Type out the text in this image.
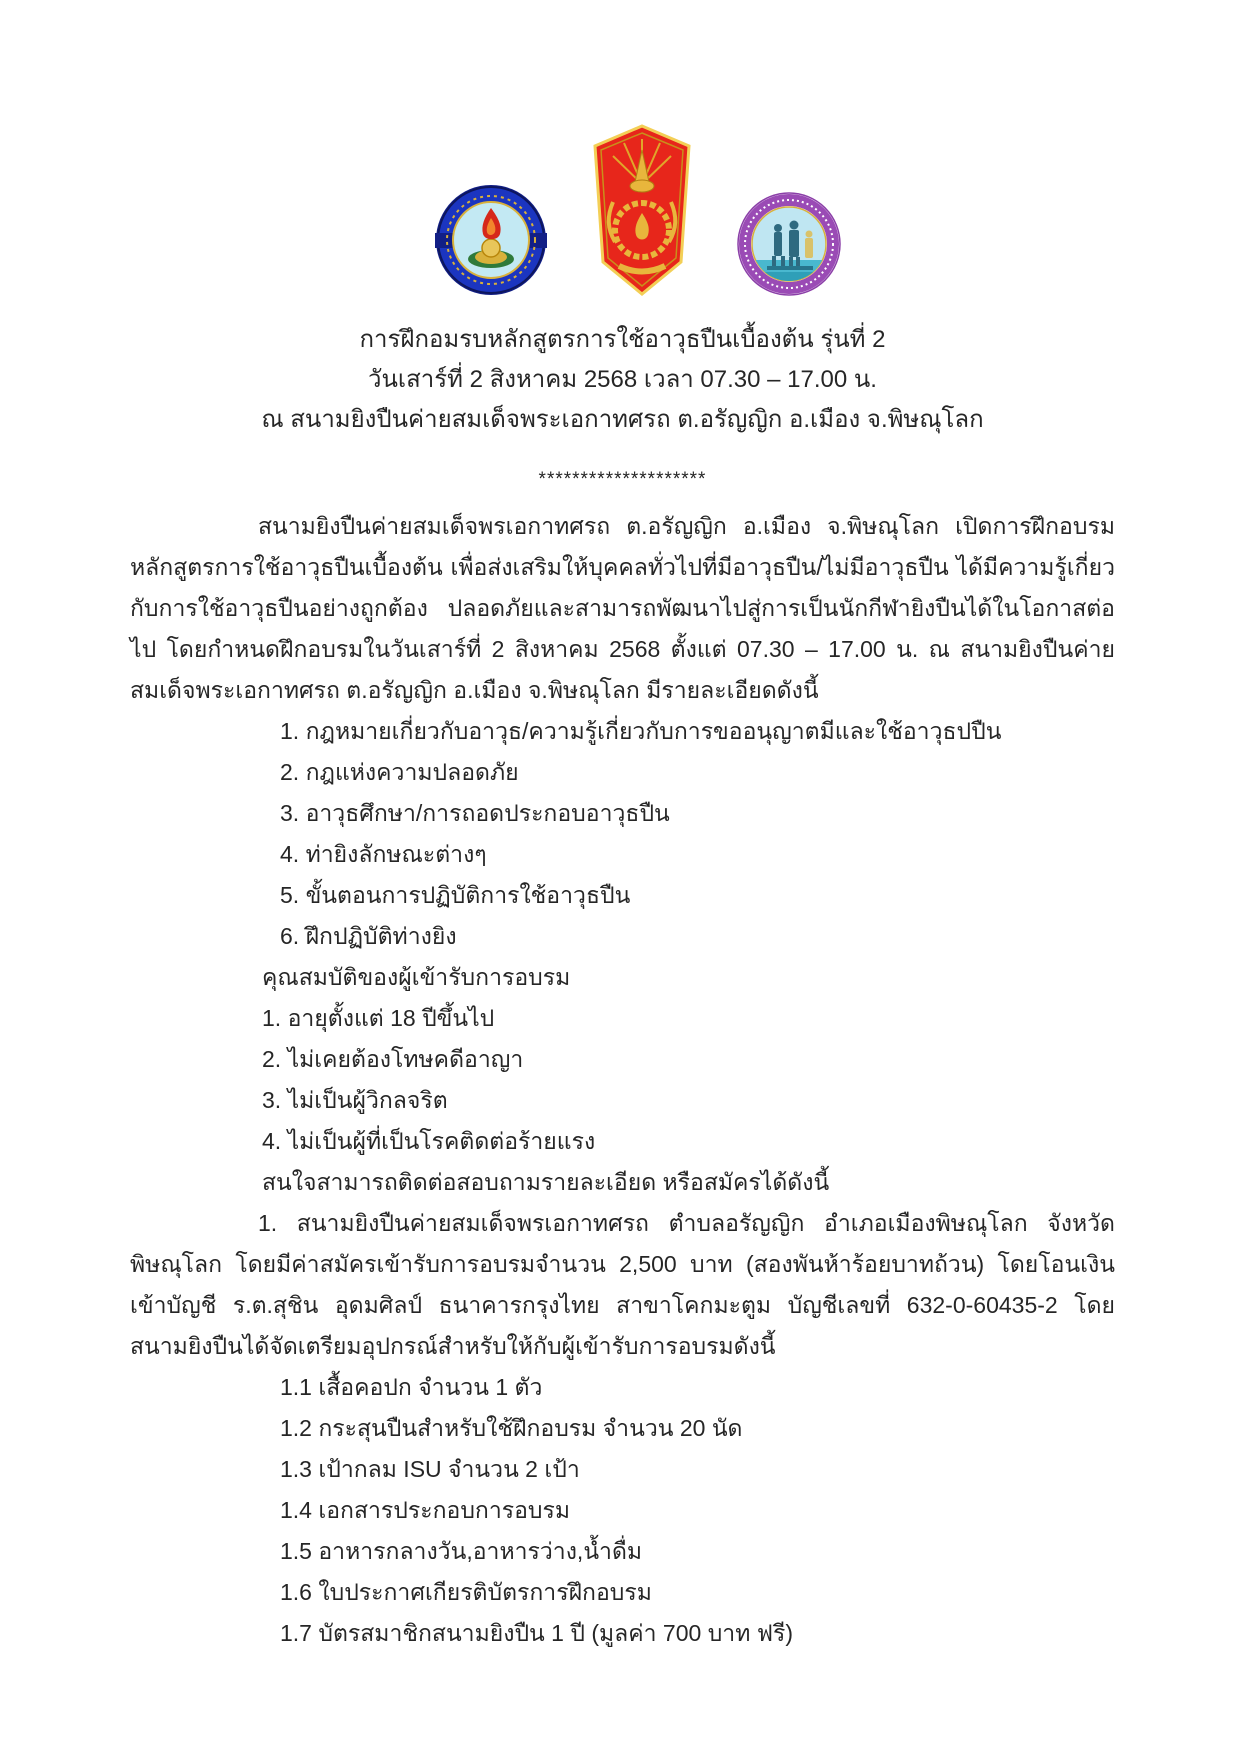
การฝึกอมรบหลักสูตรการใช้อาวุธปืนเบื้องต้น รุ่นที่ 2
วันเสาร์ที่ 2 สิงหาคม 2568 เวลา 07.30 – 17.00 น.
ณ สนามยิงปืนค่ายสมเด็จพระเอกาทศรถ ต.อรัญญิก อ.เมือง จ.พิษณุโลก
********************

สนามยิงปืนค่ายสมเด็จพรเอกาทศรถ ต.อรัญญิก อ.เมือง จ.พิษณุโลก เปิดการฝึกอบรมหลักสูตรการใช้อาวุธปืนเบื้องต้น เพื่อส่งเสริมให้บุคคลทั่วไปที่มีอาวุธปืน/ไม่มีอาวุธปืน ได้มีความรู้เกี่ยวกับการใช้อาวุธปืนอย่างถูกต้อง ปลอดภัยและสามารถพัฒนาไปสู่การเป็นนักกีฬายิงปืนได้ในโอกาสต่อไป โดยกำหนดฝึกอบรมในวันเสาร์ที่ 2 สิงหาคม 2568 ตั้งแต่ 07.30 – 17.00 น. ณ สนามยิงปืนค่ายสมเด็จพระเอกาทศรถ ต.อรัญญิก อ.เมือง จ.พิษณุโลก มีรายละเอียดดังนี้

1. กฎหมายเกี่ยวกับอาวุธ/ความรู้เกี่ยวกับการขออนุญาตมีและใช้อาวุธปปืน
2. กฎแห่งความปลอดภัย
3. อาวุธศึกษา/การถอดประกอบอาวุธปืน
4. ท่ายิงลักษณะต่างๆ
5. ขั้นตอนการปฏิบัติการใช้อาวุธปืน
6. ฝึกปฏิบัติท่างยิง
คุณสมบัติของผู้เข้ารับการอบรม
1. อายุตั้งแต่ 18 ปีขึ้นไป
2. ไม่เคยต้องโทษคดีอาญา
3. ไม่เป็นผู้วิกลจริต
4. ไม่เป็นผู้ที่เป็นโรคติดต่อร้ายแรง
สนใจสามารถติดต่อสอบถามรายละเอียด หรือสมัครได้ดังนี้

1. สนามยิงปืนค่ายสมเด็จพรเอกาทศรถ ตำบลอรัญญิก อำเภอเมืองพิษณุโลก จังหวัดพิษณุโลก โดยมีค่าสมัครเข้ารับการอบรมจำนวน 2,500 บาท (สองพันห้าร้อยบาทถ้วน) โดยโอนเงินเข้าบัญชี ร.ต.สุชิน อุดมศิลป์ ธนาคารกรุงไทย สาขาโคกมะตูม บัญชีเลขที่ 632-0-60435-2 โดยสนามยิงปืนได้จัดเตรียมอุปกรณ์สำหรับให้กับผู้เข้ารับการอบรมดังนี้

1.1 เสื้อคอปก จำนวน 1 ตัว
1.2 กระสุนปืนสำหรับใช้ฝึกอบรม จำนวน 20 นัด
1.3 เป้ากลม ISU จำนวน 2 เป้า
1.4 เอกสารประกอบการอบรม
1.5 อาหารกลางวัน,อาหารว่าง,น้ำดื่ม
1.6 ใบประกาศเกียรติบัตรการฝึกอบรม
1.7 บัตรสมาชิกสนามยิงปืน 1 ปี (มูลค่า 700 บาท ฟรี)
